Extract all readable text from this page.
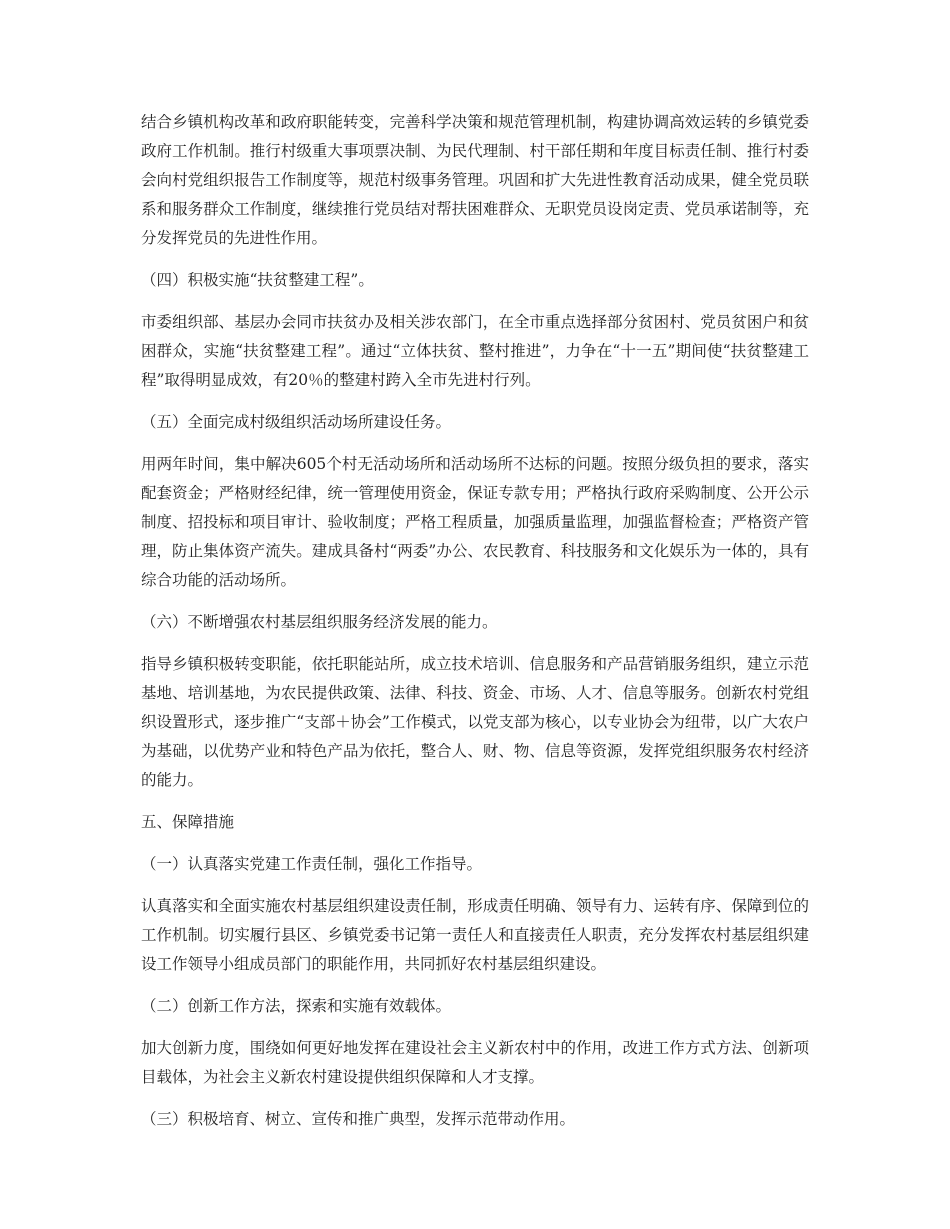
结合乡镇机构改革和政府职能转变，完善科学决策和规范管理机制，构建协调高效运转的乡镇党委政府工作机制。推行村级重大事项票决制、为民代理制、村干部任期和年度目标责任制、推行村委会向村党组织报告工作制度等，规范村级事务管理。巩固和扩大先进性教育活动成果，健全党员联系和服务群众工作制度，继续推行党员结对帮扶困难群众、无职党员设岗定责、党员承诺制等，充分发挥党员的先进性作用。

（四）积极实施“扶贫整建工程”。

市委组织部、基层办会同市扶贫办及相关涉农部门，在全市重点选择部分贫困村、党员贫困户和贫困群众，实施“扶贫整建工程”。通过“立体扶贫、整村推进”，力争在“十一五”期间使“扶贫整建工程”取得明显成效，有20％的整建村跨入全市先进村行列。

（五）全面完成村级组织活动场所建设任务。

用两年时间，集中解决605个村无活动场所和活动场所不达标的问题。按照分级负担的要求，落实配套资金；严格财经纪律，统一管理使用资金，保证专款专用；严格执行政府采购制度、公开公示制度、招投标和项目审计、验收制度；严格工程质量，加强质量监理，加强监督检查；严格资产管理，防止集体资产流失。建成具备村“两委”办公、农民教育、科技服务和文化娱乐为一体的，具有综合功能的活动场所。

（六）不断增强农村基层组织服务经济发展的能力。

指导乡镇积极转变职能，依托职能站所，成立技术培训、信息服务和产品营销服务组织，建立示范基地、培训基地，为农民提供政策、法律、科技、资金、市场、人才、信息等服务。创新农村党组织设置形式，逐步推广“支部＋协会”工作模式，以党支部为核心，以专业协会为纽带，以广大农户为基础，以优势产业和特色产品为依托，整合人、财、物、信息等资源，发挥党组织服务农村经济的能力。

五、保障措施

（一）认真落实党建工作责任制，强化工作指导。

认真落实和全面实施农村基层组织建设责任制，形成责任明确、领导有力、运转有序、保障到位的工作机制。切实履行县区、乡镇党委书记第一责任人和直接责任人职责，充分发挥农村基层组织建设工作领导小组成员部门的职能作用，共同抓好农村基层组织建设。

（二）创新工作方法，探索和实施有效载体。

加大创新力度，围绕如何更好地发挥在建设社会主义新农村中的作用，改进工作方式方法、创新项目载体，为社会主义新农村建设提供组织保障和人才支撑。

（三）积极培育、树立、宣传和推广典型，发挥示范带动作用。
